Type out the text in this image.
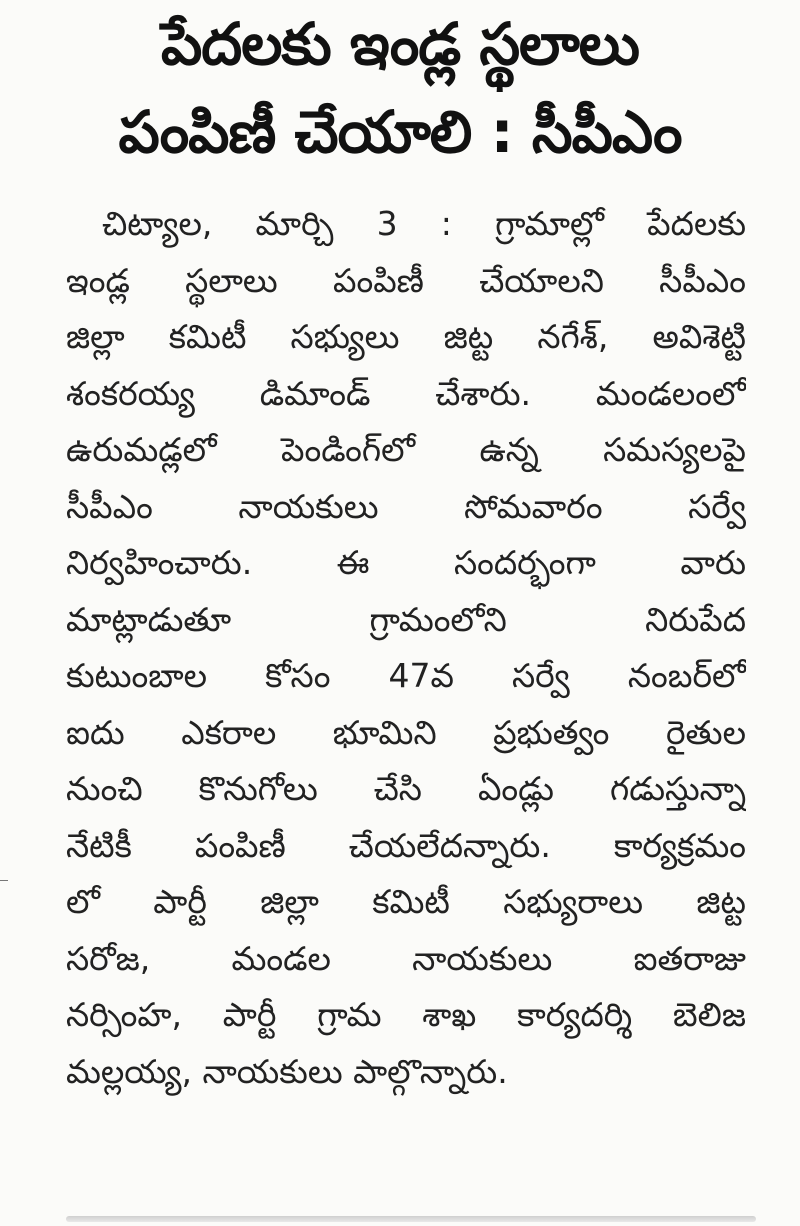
పేదలకు ఇండ్ల స్థలాలు
పంపిణీ చేయాలి : సీపీఎం
చిట్యాల, మార్చి 3 : గ్రామాల్లో పేదలకు
ఇండ్ల స్థలాలు పంపిణీ చేయాలని సీపీఎం
జిల్లా కమిటీ సభ్యులు జిట్ట నగేశ్, అవిశెట్టి
శంకరయ్య డిమాండ్ చేశారు. మండలంలో
ఉరుమడ్లలో పెండింగ్‌లో ఉన్న సమస్యలపై
సీపీఎం నాయకులు సోమవారం సర్వే
నిర్వహించారు. ఈ సందర్భంగా వారు
మాట్లాడుతూ గ్రామంలోని నిరుపేద
కుటుంబాల కోసం 47వ సర్వే నంబర్‌లో
ఐదు ఎకరాల భూమిని ప్రభుత్వం రైతుల
నుంచి కొనుగోలు చేసి ఏండ్లు గడుస్తున్నా
నేటికీ పంపిణీ చేయలేదన్నారు. కార్యక్రమం
లో పార్టీ జిల్లా కమిటీ సభ్యురాలు జిట్ట
సరోజ, మండల నాయకులు ఐతరాజు
నర్సింహ, పార్టీ గ్రామ శాఖ కార్యదర్శి బెలిజ
మల్లయ్య, నాయకులు పాల్గొన్నారు.
